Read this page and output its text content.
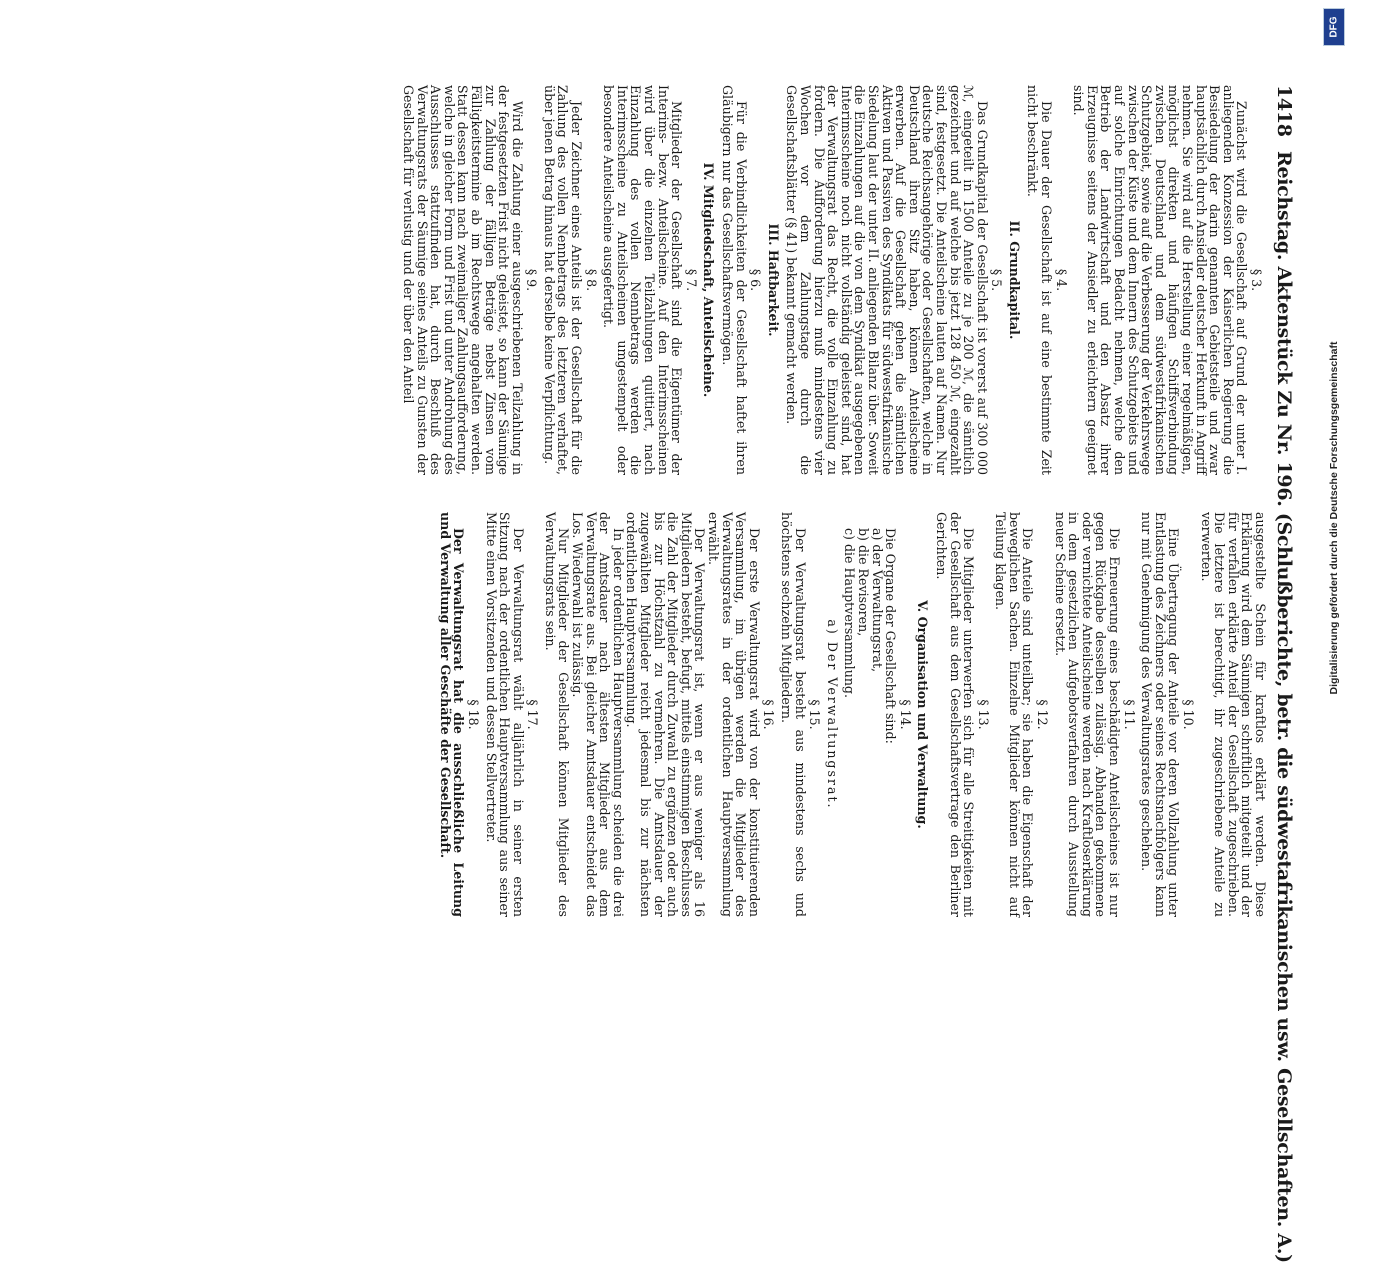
1418 Reichstag. Aktenstück Zu Nr. 196. (Schlußberichte, betr. die südwestafrikanischen usw. Gesellschaften. A.)
§ 3.
Zunächst wird die Gesellschaft auf Grund der unter I. anliegenden Konzession der Kaiserlichen Regierung die Besiedelung der darin genannten Gebietsteile und zwar hauptsächlich durch Ansiedler deutscher Herkunft in Angriff nehmen. Sie wird auf die Herstellung einer regelmäßigen, möglichst direkten und häufigen Schiffsverbindung zwischen Deutschland und dem südwestafrikanischen Schutzgebiet, sowie auf die Verbesserung der Verkehrswege zwischen der Küste und dem Innern des Schutzgebiets und auf solche Einrichtungen Bedacht nehmen, welche den Betrieb der Landwirtschaft und den Absatz ihrer Erzeugnisse seitens der Ansiedler zu erleichtern geeignet sind.
§ 4.
Die Dauer der Gesellschaft ist auf eine bestimmte Zeit nicht beschränkt.
II. Grundkapital.
§ 5.
Das Grundkapital der Gesellschaft ist vorerst auf 300 000 ℳ, eingeteilt in 1500 Anteile zu je 200 ℳ, die sämtlich gezeichnet und auf welche bis jetzt 128 450 ℳ, eingezahlt sind, festgesetzt. Die Anteilscheine lauten auf Namen. Nur deutsche Reichsangehörige oder Gesellschaften, welche in Deutschland ihren Sitz haben, können Anteilscheine erwerben. Auf die Gesellschaft gehen die sämtlichen Aktiven und Passiven des Syndikats für südwestafrikanische Siedelung laut der unter II. anliegenden Bilanz über. Soweit die Einzahlungen auf die von dem Syndikat ausgegebenen Interimsscheine noch nicht vollständig geleistet sind, hat der Verwaltungsrat das Recht, die volle Einzahlung zu fordern. Die Aufforderung hierzu muß mindestens vier Wochen vor dem Zahlungstage durch die Gesellschaftsblätter (§ 41) bekannt gemacht werden.
III. Haftbarkeit.
§ 6.
Für die Verbindlichkeiten der Gesellschaft haftet ihren Gläubigern nur das Gesellschaftsvermögen.
IV. Mitgliedschaft, Anteilscheine.
§ 7.
Mitglieder der Gesellschaft sind die Eigentümer der Interims- bezw. Anteilscheine. Auf den Interimsscheinen wird über die einzelnen Teilzahlungen quittiert, nach Einzahlung des vollen Nennbetrags werden die Interimsscheine zu Anteilscheinen umgestempelt oder besondere Anteilscheine ausgefertigt.
§ 8.
Jeder Zeichner eines Anteils ist der Gesellschaft für die Zahlung des vollen Nennbetrags des letzteren verhaftet, über jenen Betrag hinaus hat derselbe keine Verpflichtung.
§ 9.
Wird die Zahlung einer ausgeschriebenen Teilzahlung in der festgesetzten Frist nicht geleistet, so kann der Säumige zur Zahlung der fälligen Beträge nebst Zinsen vom Fälligkeitstermine ab im Rechtswege angehalten werden. Statt dessen kann nach zweimaliger Zahlungsaufforderung, welche in gleicher Form und Frist und unter Androhung des Ausschlusses stattzufinden hat, durch Beschluß des Verwaltungsrats der Säumige seines Anteils zu Gunsten der Gesellschaft für verlustig und der über den Anteil
ausgestellte Schein für kraftlos erklärt werden. Diese Erklärung wird dem Säumigen schriftlich mitgeteilt und der für verfallen erklärte Anteil der Gesellschaft zugeschrieben. Die letztere ist berechtigt, ihr zugeschriebene Anteile zu verwerten.
§ 10.
Eine Übertragung der Anteile vor deren Vollzahlung unter Entlastung des Zeichners oder seines Rechtsnachfolgers kann nur mit Genehmigung des Verwaltungsrates geschehen.
§ 11.
Die Erneuerung eines beschädigten Anteilscheines ist nur gegen Rückgabe desselben zulässig. Abhanden gekommene oder vernichtete Anteilscheine werden nach Kraftloserklärung in dem gesetzlichen Aufgebotsverfahren durch Ausstellung neuer Scheine ersetzt.
§ 12.
Die Anteile sind unteilbar; sie haben die Eigenschaft der beweglichen Sachen. Einzelne Mitglieder können nicht auf Teilung klagen.
§ 13.
Die Mitglieder unterwerfen sich für alle Streitigkeiten mit der Gesellschaft aus dem Gesellschaftsvertrage den Berliner Gerichten.
V. Organisation und Verwaltung.
§ 14.
Die Organe der Gesellschaft sind:
a) der Verwaltungsrat,
b) die Revisoren,
c) die Hauptversammlung.
a) Der Verwaltungsrat.
§ 15.
Der Verwaltungsrat besteht aus mindestens sechs und höchstens sechzehn Mitgliedern.
§ 16.
Der erste Verwaltungsrat wird von der konstituierenden Versammlung, im übrigen werden die Mitglieder des Verwaltungsrates in der ordentlichen Hauptversammlung erwählt.
Der Verwaltungsrat ist, wenn er aus weniger als 16 Mitgliedern besteht, befugt, mittels einstimmigen Beschlusses die Zahl der Mitglieder durch Zuwahl zu ergänzen oder auch bis zur Höchstzahl zu vermehren. Die Amtsdauer der zugewählten Mitglieder reicht jedesmal bis zur nächsten ordentlichen Hauptversammlung.
In jeder ordentlichen Hauptversammlung scheiden die drei der Amtsdauer nach ältesten Mitglieder aus dem Verwaltungsrate aus. Bei gleicher Amtsdauer entscheidet das Los. Wiederwahl ist zulässig.
Nur Mitglieder der Gesellschaft können Mitglieder des Verwaltungsrats sein.
§ 17.
Der Verwaltungsrat wählt alljährlich in seiner ersten Sitzung nach der ordentlichen Hauptversammlung aus seiner Mitte einen Vorsitzenden und dessen Stellvertreter.
§ 18.
Der Verwaltungsrat hat die ausschließliche Leitung und Verwaltung aller Geschäfte der Gesellschaft.
DFG
Digitalisierung gefördert durch die Deutsche Forschungsgemeinschaft
